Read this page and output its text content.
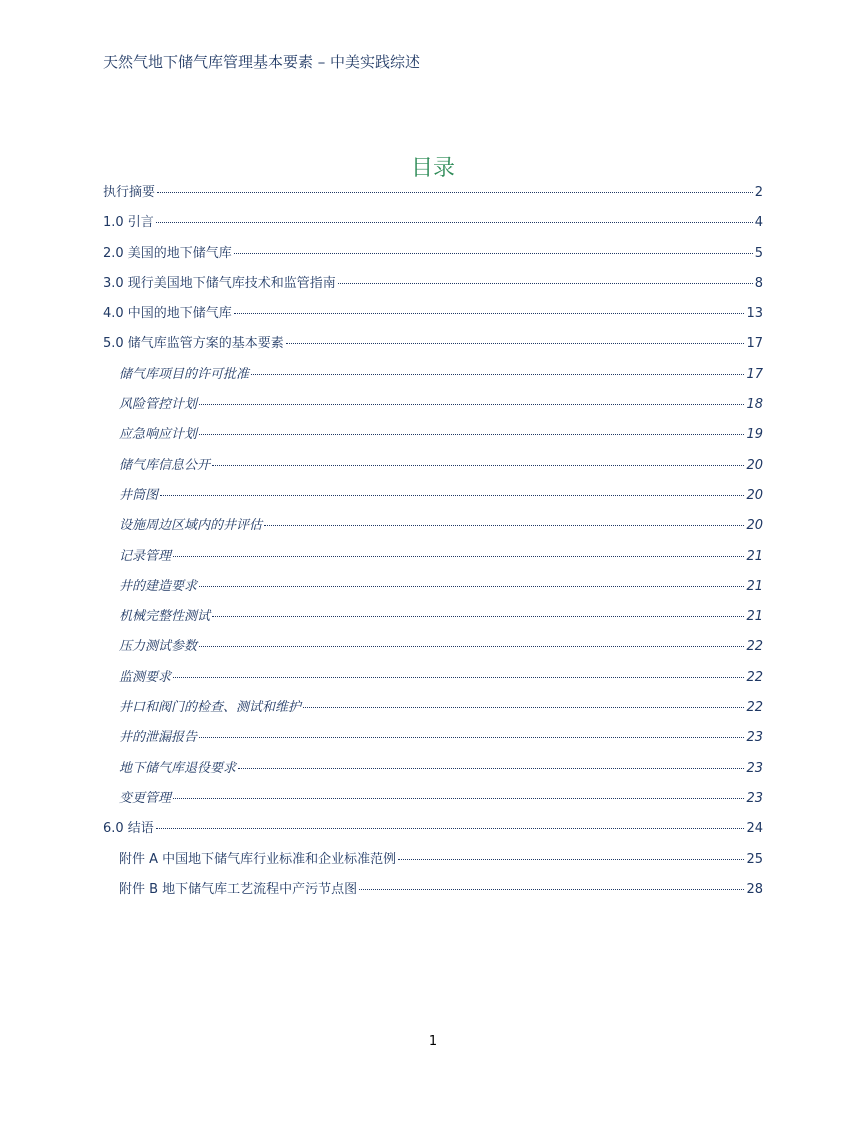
天然气地下储气库管理基本要素 – 中美实践综述
目录
执行摘要	2
1.0 引言	4
2.0 美国的地下储气库	5
3.0 现行美国地下储气库技术和监管指南	8
4.0 中国的地下储气库	13
5.0 储气库监管方案的基本要素	17
储气库项目的许可批准	17
风险管控计划	18
应急响应计划	19
储气库信息公开	20
井筒图	20
设施周边区域内的井评估	20
记录管理	21
井的建造要求	21
机械完整性测试	21
压力测试参数	22
监测要求	22
井口和阀门的检查、测试和维护	22
井的泄漏报告	23
地下储气库退役要求	23
变更管理	23
6.0 结语	24
附件 A 中国地下储气库行业标准和企业标准范例	25
附件 B 地下储气库工艺流程中产污节点图	28
1
